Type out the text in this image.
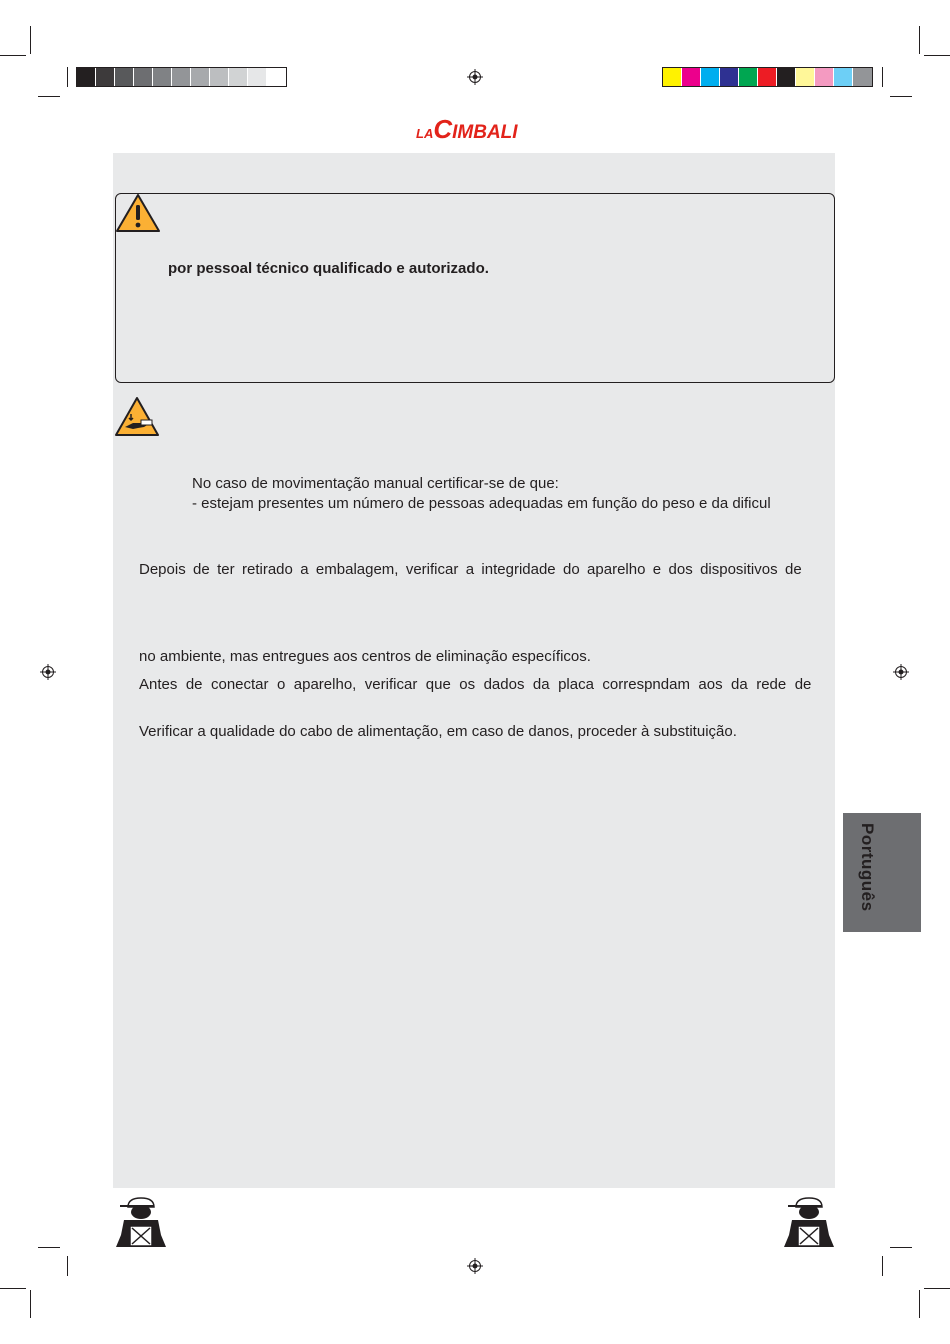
LACIMBALI
por pessoal técnico qualificado e autorizado.
No caso de movimentação manual certificar-se de que:
- estejam presentes um número de pessoas adequadas em função do peso e da dificul
Depois de ter retirado a embalagem, verificar a integridade do aparelho e dos dispositivos de
no ambiente, mas entregues aos centros de eliminação específicos.
Antes de conectar o aparelho, verificar que os dados da placa correspndam aos da rede de
Verificar a qualidade do cabo de alimentação, em caso de danos, proceder à substituição.
Português
